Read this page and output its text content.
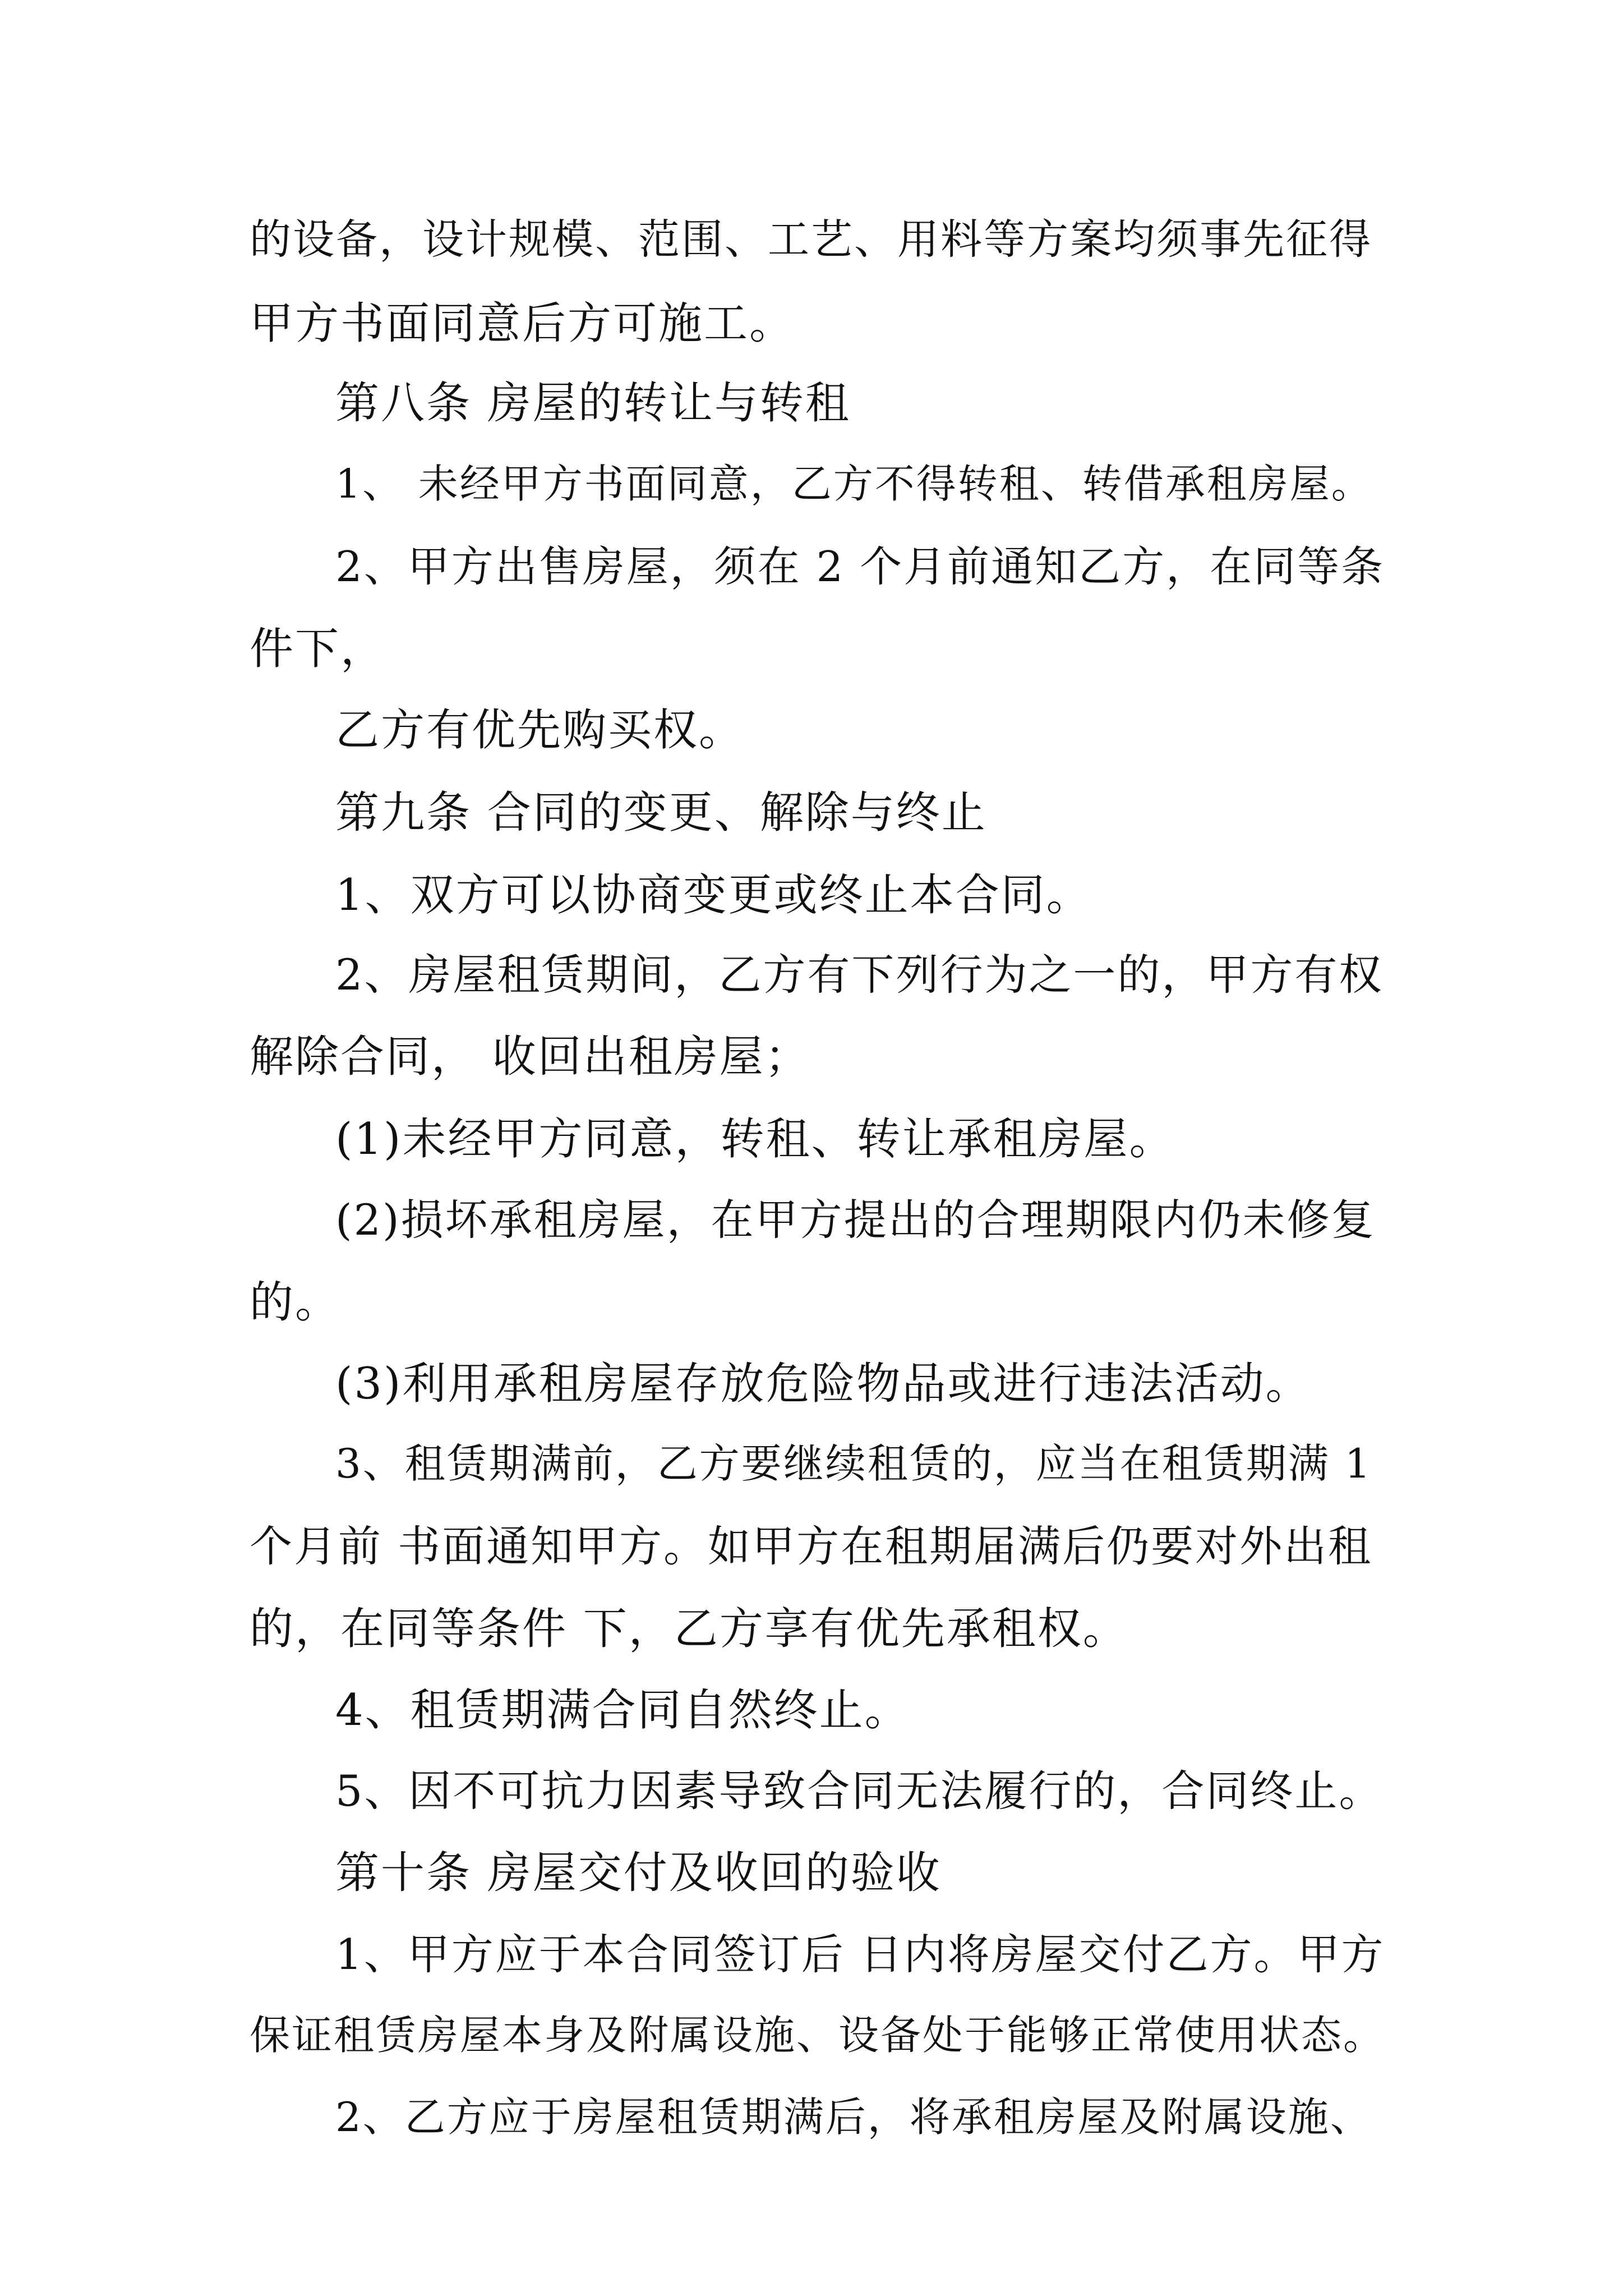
的设备，设计规模、范围、工艺、用料等方案均须事先征得
甲方书面同意后方可施工。
第八条 房屋的转让与转租
1、 未经甲方书面同意，乙方不得转租、转借承租房屋。
2、甲方出售房屋，须在 2 个月前通知乙方，在同等条
件下，
乙方有优先购买权。
第九条 合同的变更、解除与终止
1、双方可以协商变更或终止本合同。
2、房屋租赁期间，乙方有下列行为之一的，甲方有权
解除合同， 收回出租房屋；
(1)未经甲方同意，转租、转让承租房屋。
(2)损坏承租房屋，在甲方提出的合理期限内仍未修复
的。
(3)利用承租房屋存放危险物品或进行违法活动。
3、租赁期满前，乙方要继续租赁的，应当在租赁期满 1
个月前 书面通知甲方。如甲方在租期届满后仍要对外出租
的，在同等条件 下，乙方享有优先承租权。
4、租赁期满合同自然终止。
5、因不可抗力因素导致合同无法履行的，合同终止。
第十条 房屋交付及收回的验收
1、甲方应于本合同签订后 日内将房屋交付乙方。甲方
保证租赁房屋本身及附属设施、设备处于能够正常使用状态。
2、乙方应于房屋租赁期满后，将承租房屋及附属设施、
